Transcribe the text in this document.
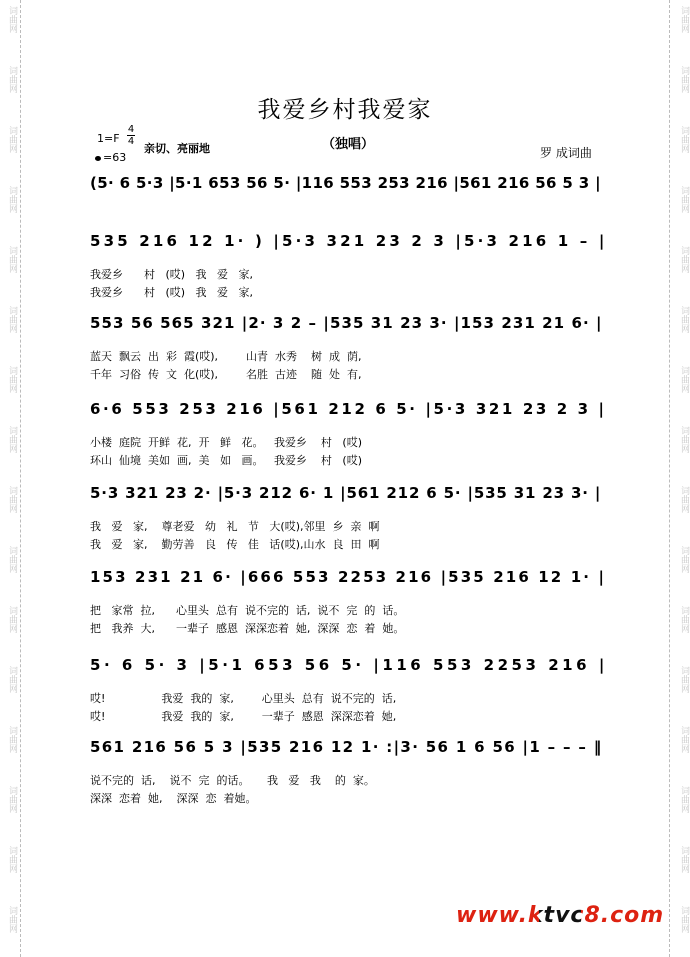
词曲网
词曲网
词曲网
词曲网
词曲网
词曲网
词曲网
词曲网
词曲网
词曲网
词曲网
词曲网
词曲网
词曲网
词曲网
词曲网
词曲网
词曲网
词曲网
词曲网
词曲网
词曲网
词曲网
词曲网
词曲网
词曲网
词曲网
词曲网
词曲网
词曲网
词曲网
词曲网
我爱乡村我爱家
（独唱）
罗 成词曲
1=F
4
4
亲切、亮丽地
=63
(5· 6 5·3 |5·1 653 56 5· |116 553 253 216 |561 216 56 5 3 |
535 216 12 1· ) |5·3 321 23 2 3 |5·3 216 1 – |
我爱乡      村   (哎)   我   爱   家,
我爱乡      村   (哎)   我   爱   家,
553 56 565 321 |2· 3 2 – |535 31 23 3· |153 231 21 6· |
蓝天  飘云  出  彩  霞(哎),        山青  水秀    树  成  荫,
千年  习俗  传  文  化(哎),        名胜  古迹    随  处  有,
6·6 553 253 216 |561 212 6 5· |5·3 321 23 2 3 |
小楼  庭院  开鲜  花,  开   鲜   花。   我爱乡    村   (哎)
环山  仙境  美如  画,  美   如   画。   我爱乡    村   (哎)
5·3 321 23 2· |5·3 212 6· 1 |561 212 6 5· |535 31 23 3· |
我   爱   家,    尊老爱   幼   礼   节   大(哎),邻里  乡  亲  啊
我   爱   家,    勤劳善   良   传   佳   话(哎),山水  良  田  啊
153 231 21 6· |666 553 2253 216 |535 216 12 1· |
把   家常  拉,      心里头  总有  说不完的  话,  说不  完  的  话。
把   我养  大,      一辈子  感恩  深深恋着  她,  深深  恋  着  她。
5· 6 5· 3 |5·1 653 56 5· |116 553 2253 216 |
哎!                我爱  我的  家,        心里头  总有  说不完的  话,
哎!                我爱  我的  家,        一辈子  感恩  深深恋着  她,
561 216 56 5 3 |535 216 12 1· :|3· 56 1 6 56 |1 – – – ‖
说不完的  话,    说不  完  的话。     我   爱   我    的  家。
深深  恋着  她,    深深  恋  着她。
www.ktvc8.com
